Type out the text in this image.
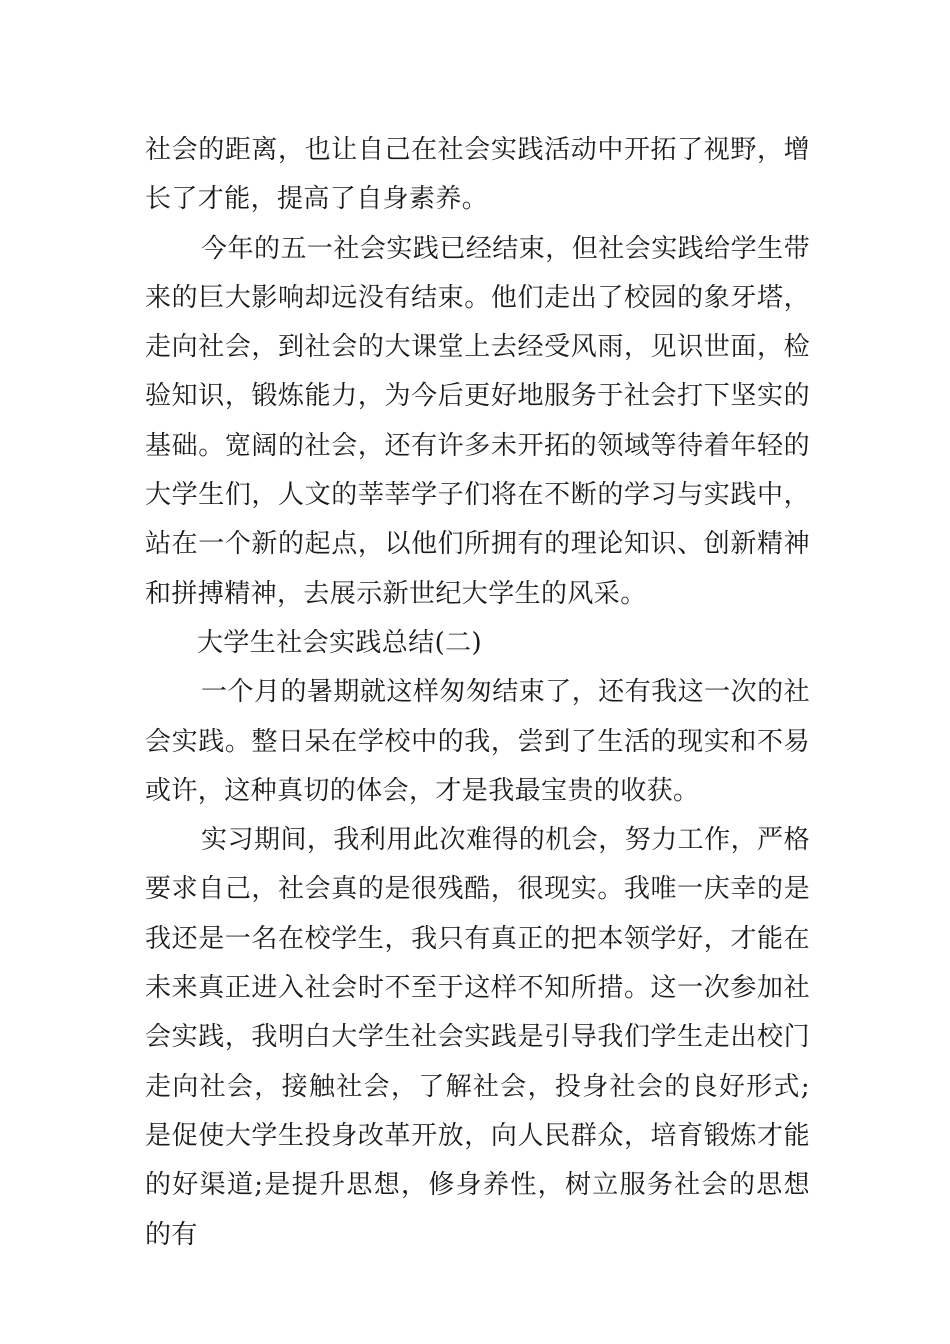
社会的距离，也让自己在社会实践活动中开拓了视野，增长了才能，提高了自身素养。

今年的五一社会实践已经结束，但社会实践给学生带来的巨大影响却远没有结束。他们走出了校园的象牙塔，走向社会，到社会的大课堂上去经受风雨，见识世面，检验知识，锻炼能力，为今后更好地服务于社会打下坚实的基础。宽阔的社会，还有许多未开拓的领域等待着年轻的大学生们，人文的莘莘学子们将在不断的学习与实践中，站在一个新的起点，以他们所拥有的理论知识、创新精神和拼搏精神，去展示新世纪大学生的风采。

大学生社会实践总结(二)

一个月的暑期就这样匆匆结束了，还有我这一次的社会实践。整日呆在学校中的我，尝到了生活的现实和不易或许，这种真切的体会，才是我最宝贵的收获。

实习期间，我利用此次难得的机会，努力工作，严格要求自己，社会真的是很残酷，很现实。我唯一庆幸的是我还是一名在校学生，我只有真正的把本领学好，才能在未来真正进入社会时不至于这样不知所措。这一次参加社会实践，我明白大学生社会实践是引导我们学生走出校门走向社会，接触社会，了解社会，投身社会的良好形式;是促使大学生投身改革开放，向人民群众，培育锻炼才能的好渠道;是提升思想，修身养性，树立服务社会的思想的有
